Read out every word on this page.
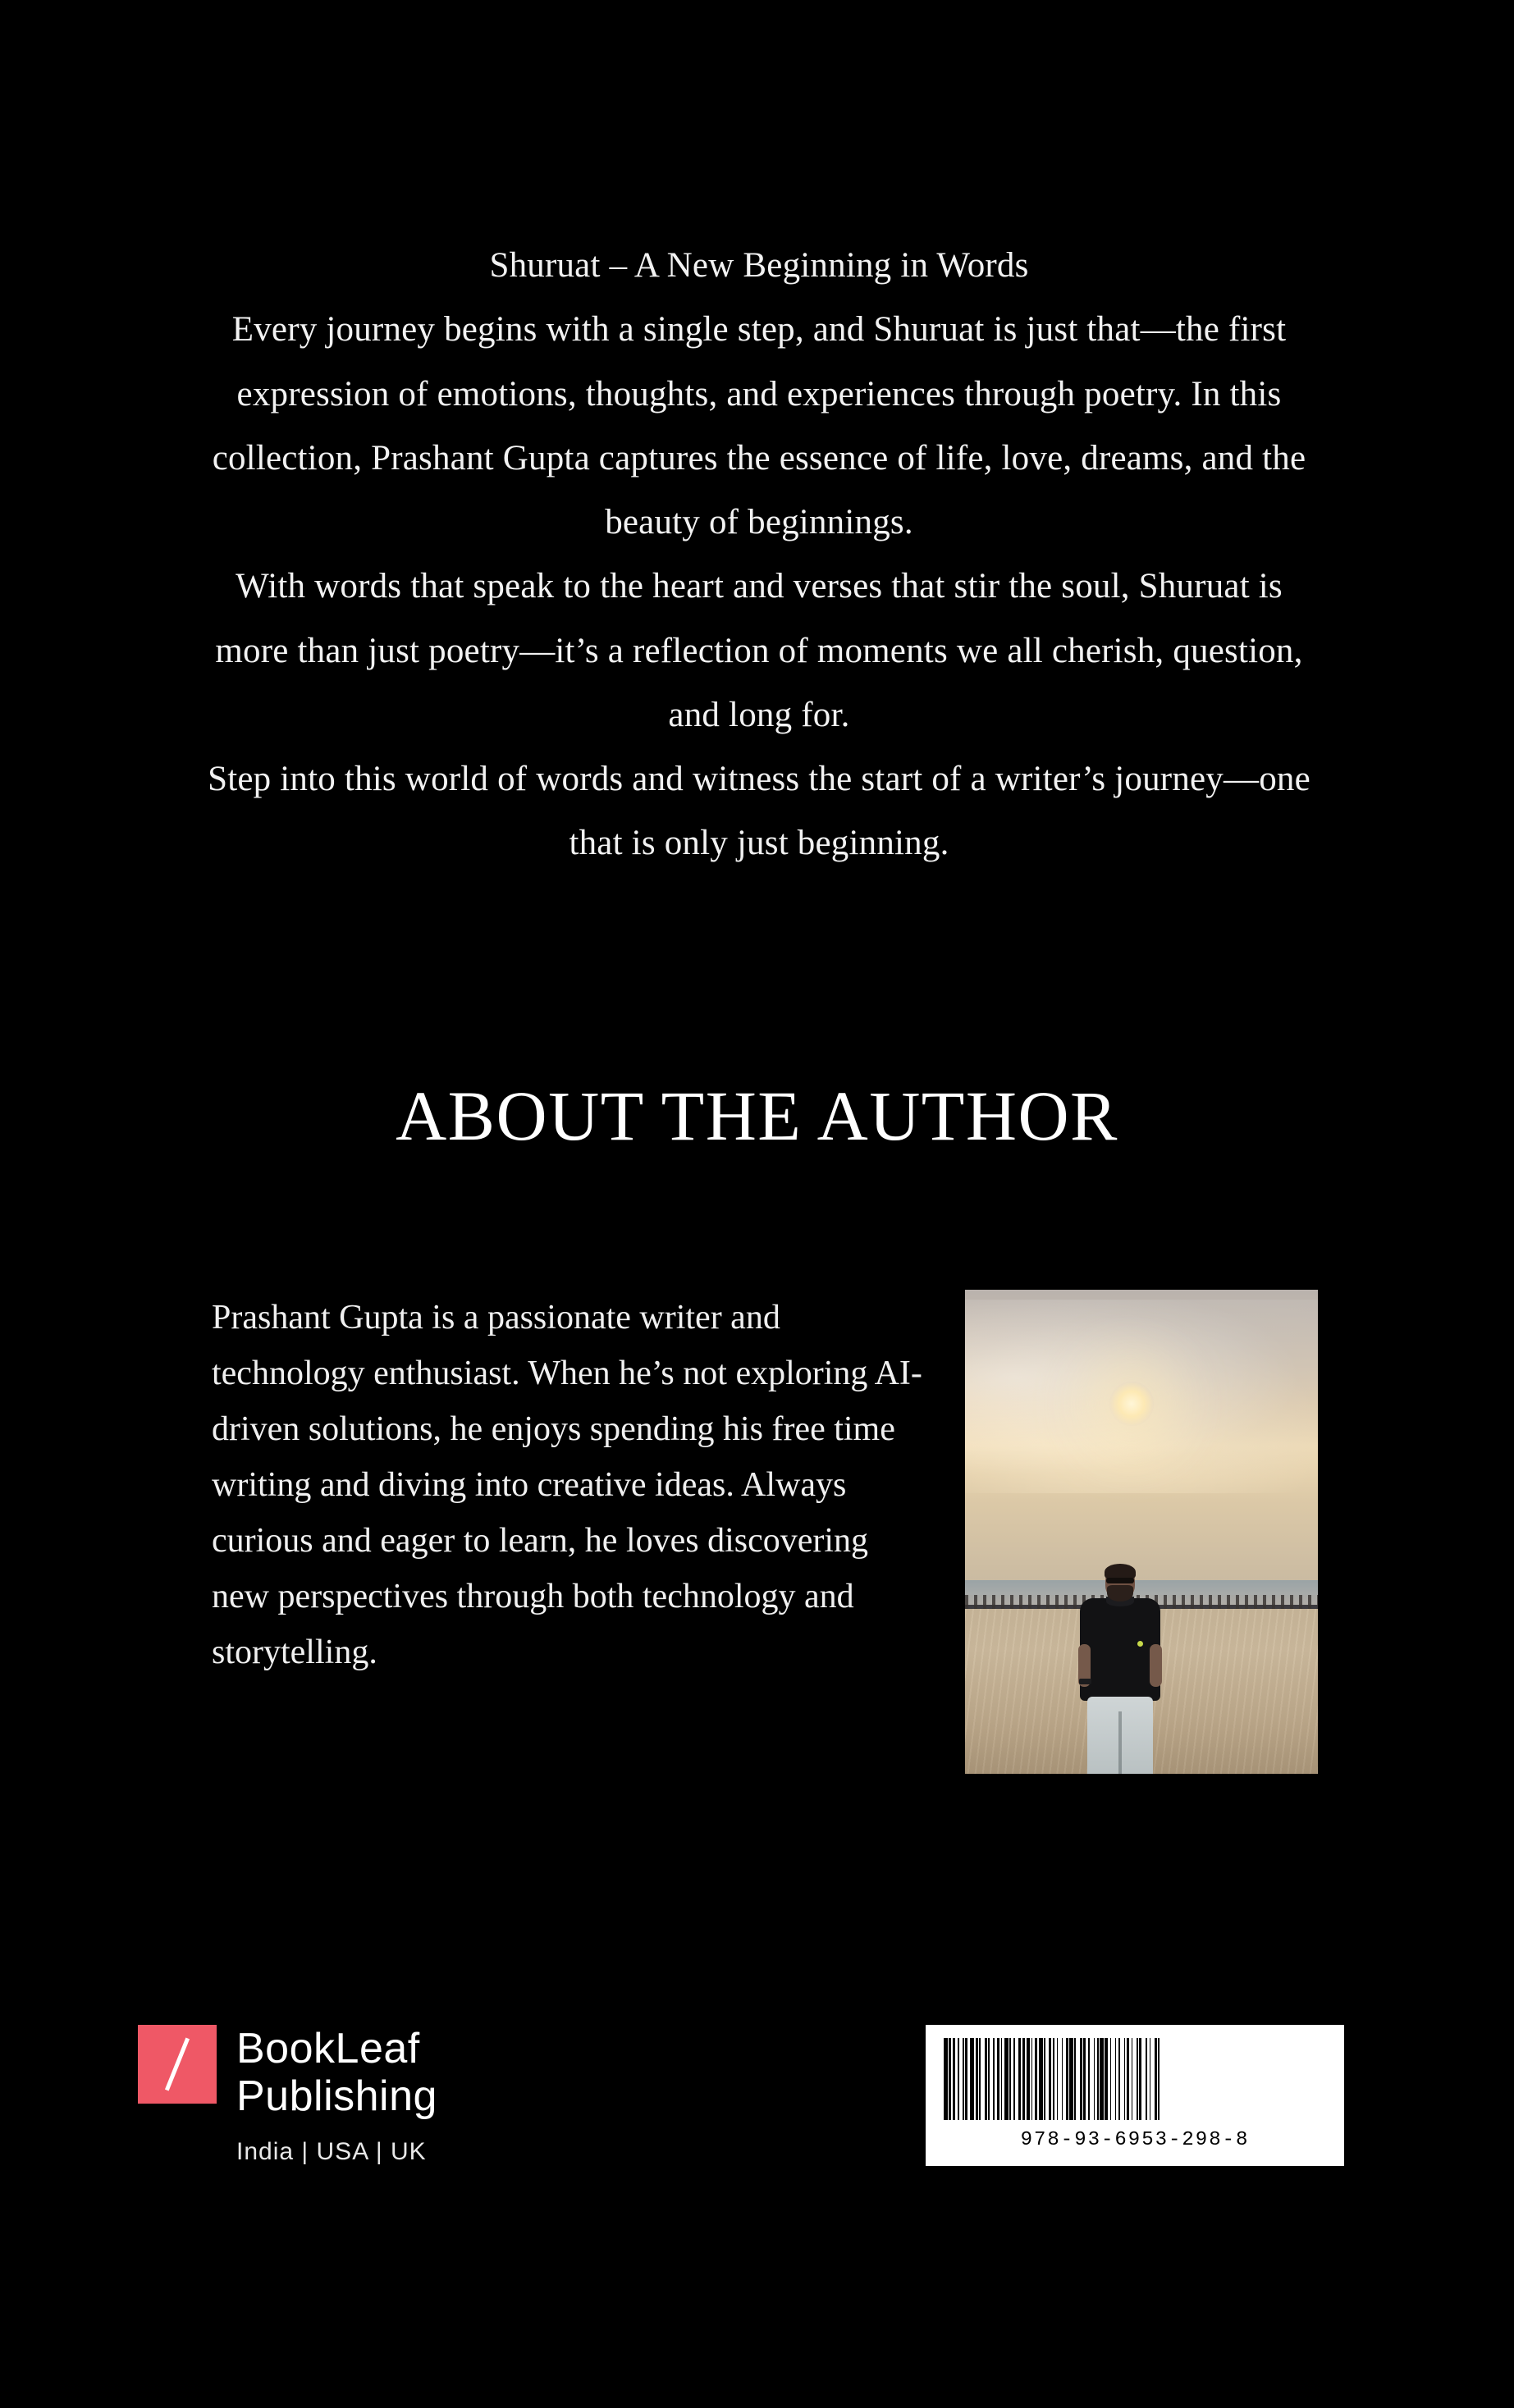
Shuruat – A New Beginning in Words

Every journey begins with a single step, and Shuruat is just that—the first expression of emotions, thoughts, and experiences through poetry. In this collection, Prashant Gupta captures the essence of life, love, dreams, and the beauty of beginnings.

With words that speak to the heart and verses that stir the soul, Shuruat is more than just poetry—it’s a reflection of moments we all cherish, question, and long for.

Step into this world of words and witness the start of a writer’s journey—one that is only just beginning.

ABOUT THE AUTHOR

Prashant Gupta is a passionate writer and technology enthusiast. When he’s not exploring AI-driven solutions, he enjoys spending his free time writing and diving into creative ideas. Always curious and eager to learn, he loves discovering new perspectives through both technology and storytelling.

BookLeaf
Publishing
India | USA | UK	978-93-6953-298-8
